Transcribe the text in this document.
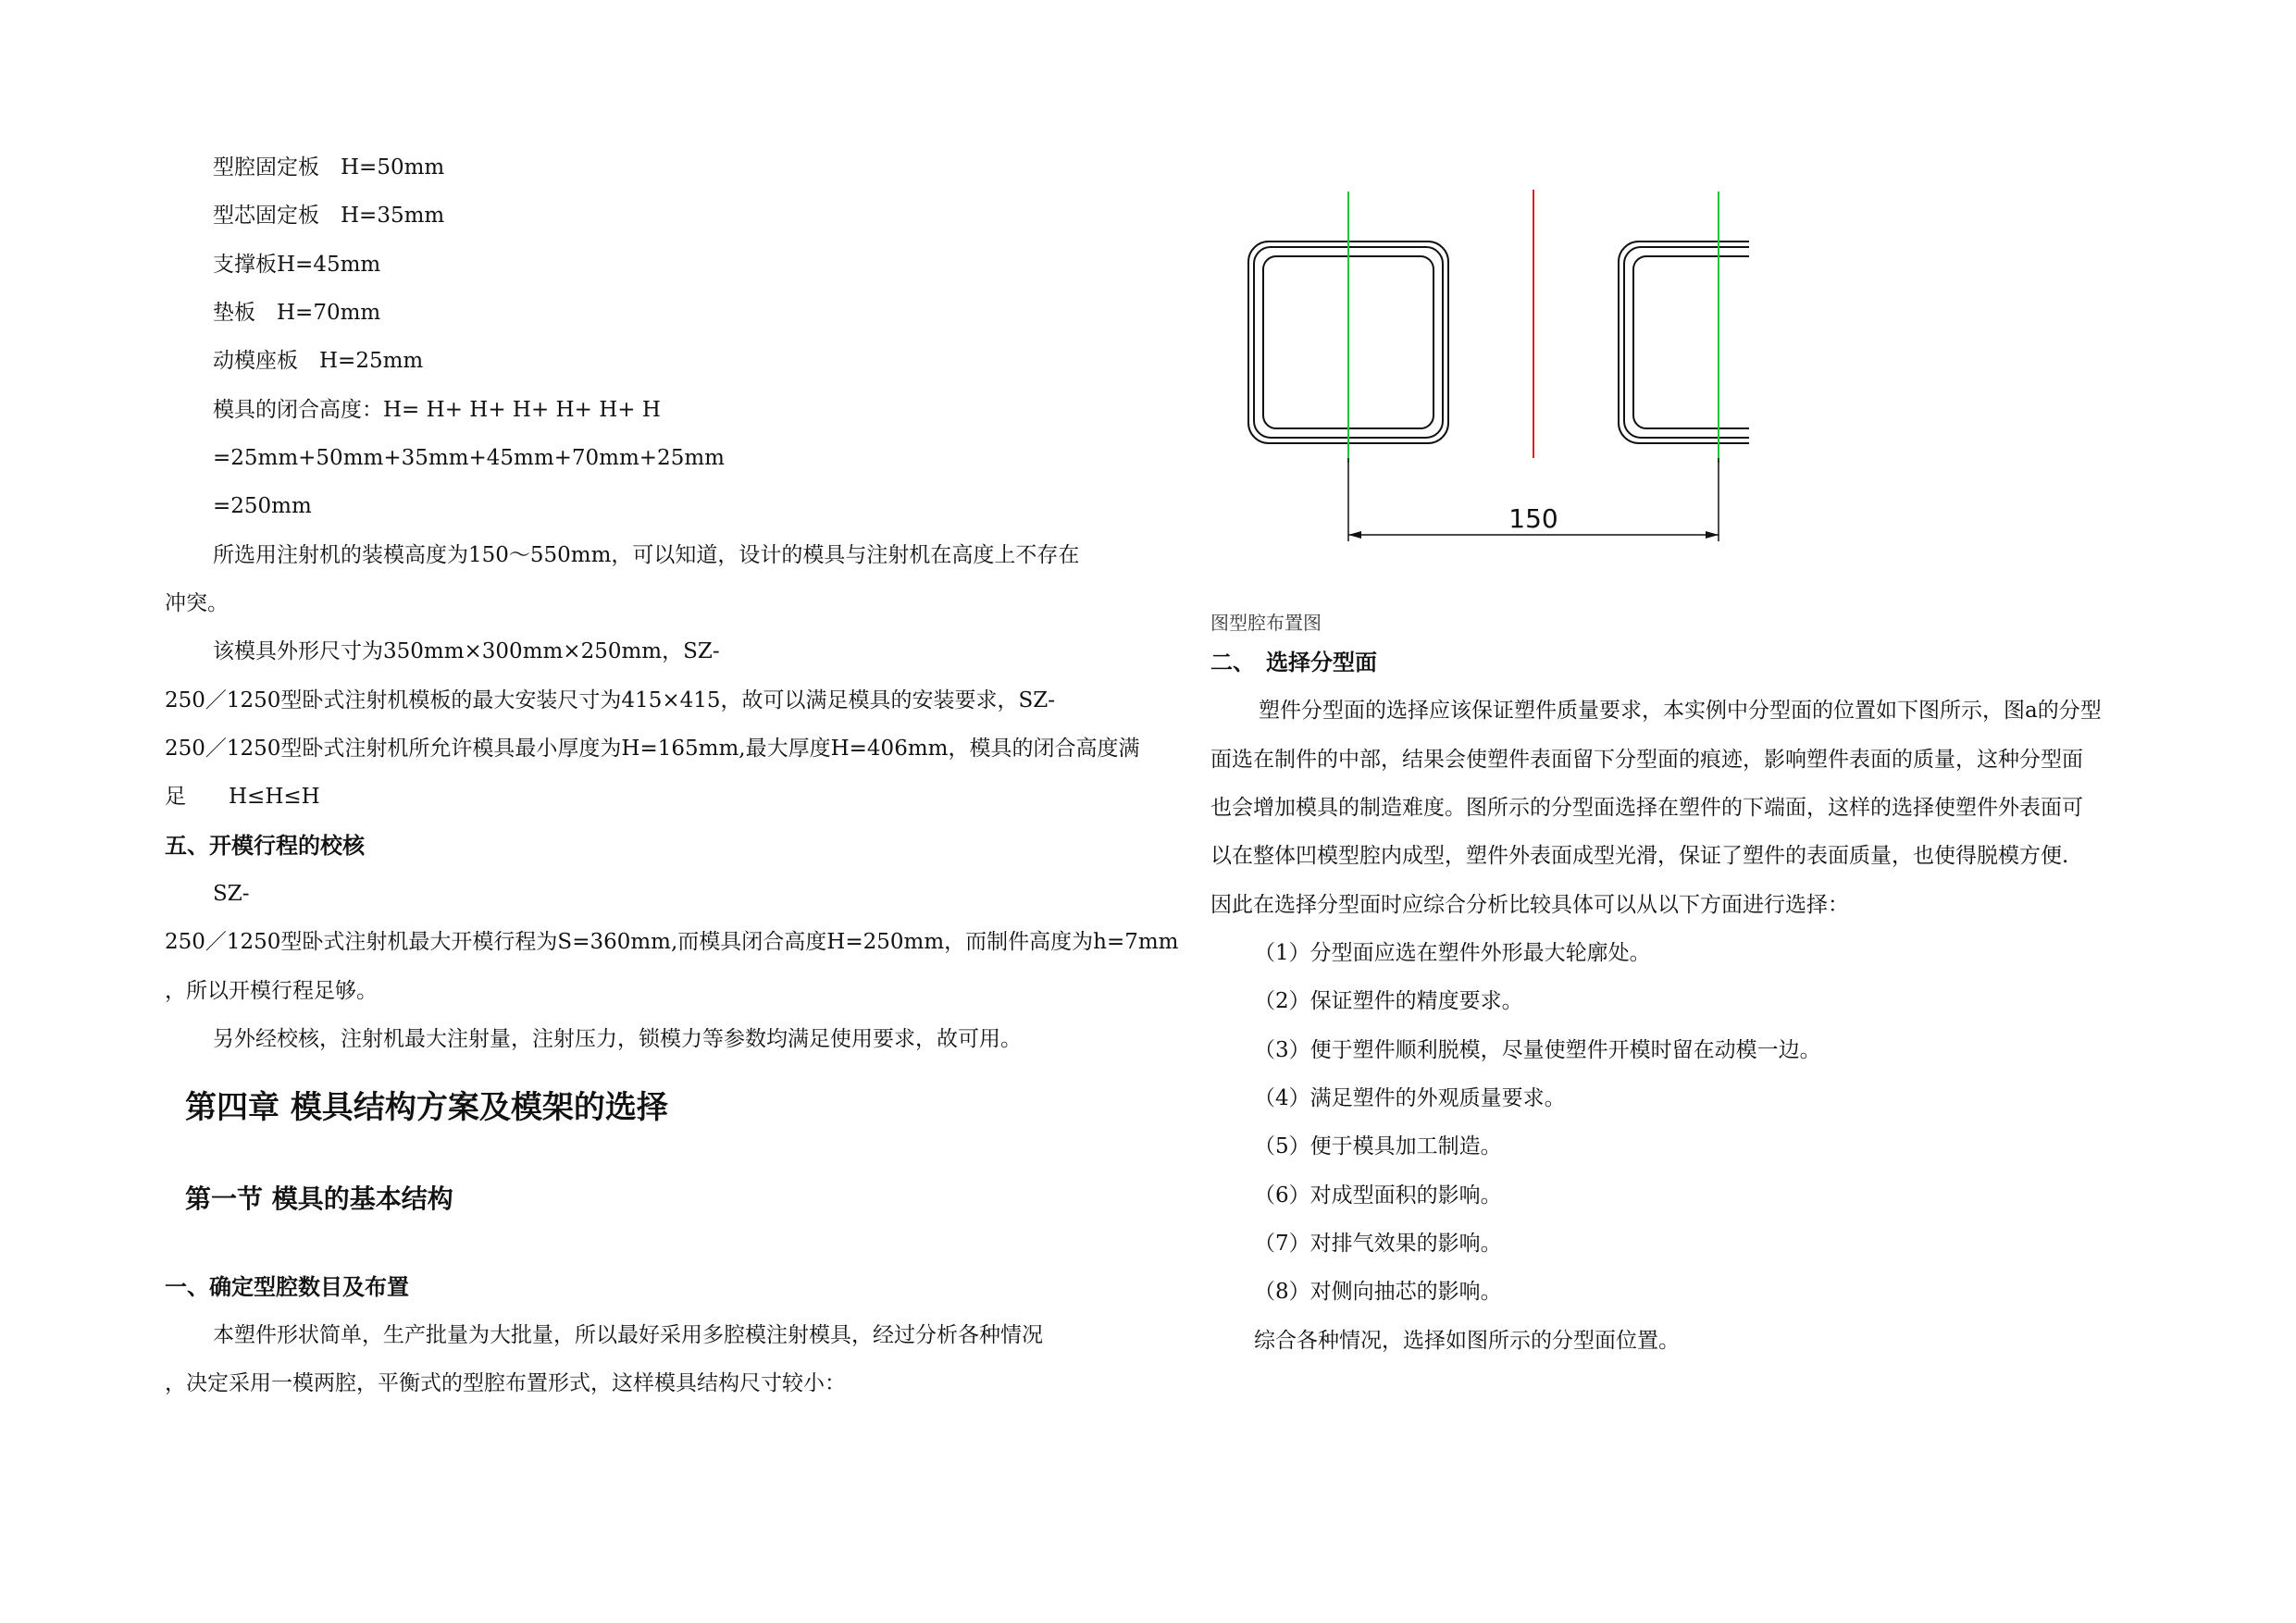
型腔固定板　H=50mm
型芯固定板　H=35mm
支撑板H=45mm
垫板　H=70mm
动模座板　H=25mm
模具的闭合高度：H= H+ H+ H+ H+ H+ H
=25mm+50mm+35mm+45mm+70mm+25mm
=250mm
所选用注射机的装模高度为150～550mm，可以知道，设计的模具与注射机在高度上不存在
冲突。
该模具外形尺寸为350mm×300mm×250mm，SZ-
250／1250型卧式注射机模板的最大安装尺寸为415×415，故可以满足模具的安装要求，SZ-
250／1250型卧式注射机所允许模具最小厚度为H=165mm,最大厚度H=406mm，模具的闭合高度满
足　　H≤H≤H
五、开模行程的校核
SZ-
250／1250型卧式注射机最大开模行程为S=360mm,而模具闭合高度H=250mm，而制件高度为h=7mm
，所以开模行程足够。
另外经校核，注射机最大注射量，注射压力，锁模力等参数均满足使用要求，故可用。
第四章 模具结构方案及模架的选择
第一节 模具的基本结构
一、确定型腔数目及布置
本塑件形状简单，生产批量为大批量，所以最好采用多腔模注射模具，经过分析各种情况
，决定采用一模两腔，平衡式的型腔布置形式，这样模具结构尺寸较小：
150
图型腔布置图
二、　选择分型面
塑件分型面的选择应该保证塑件质量要求，本实例中分型面的位置如下图所示，图a的分型
面选在制件的中部，结果会使塑件表面留下分型面的痕迹，影响塑件表面的质量，这种分型面
也会增加模具的制造难度。图所示的分型面选择在塑件的下端面，这样的选择使塑件外表面可
以在整体凹模型腔内成型，塑件外表面成型光滑，保证了塑件的表面质量，也使得脱模方便.
因此在选择分型面时应综合分析比较具体可以从以下方面进行选择：
（1）分型面应选在塑件外形最大轮廓处。
（2）保证塑件的精度要求。
（3）便于塑件顺利脱模，尽量使塑件开模时留在动模一边。
（4）满足塑件的外观质量要求。
（5）便于模具加工制造。
（6）对成型面积的影响。
（7）对排气效果的影响。
（8）对侧向抽芯的影响。
综合各种情况，选择如图所示的分型面位置。
